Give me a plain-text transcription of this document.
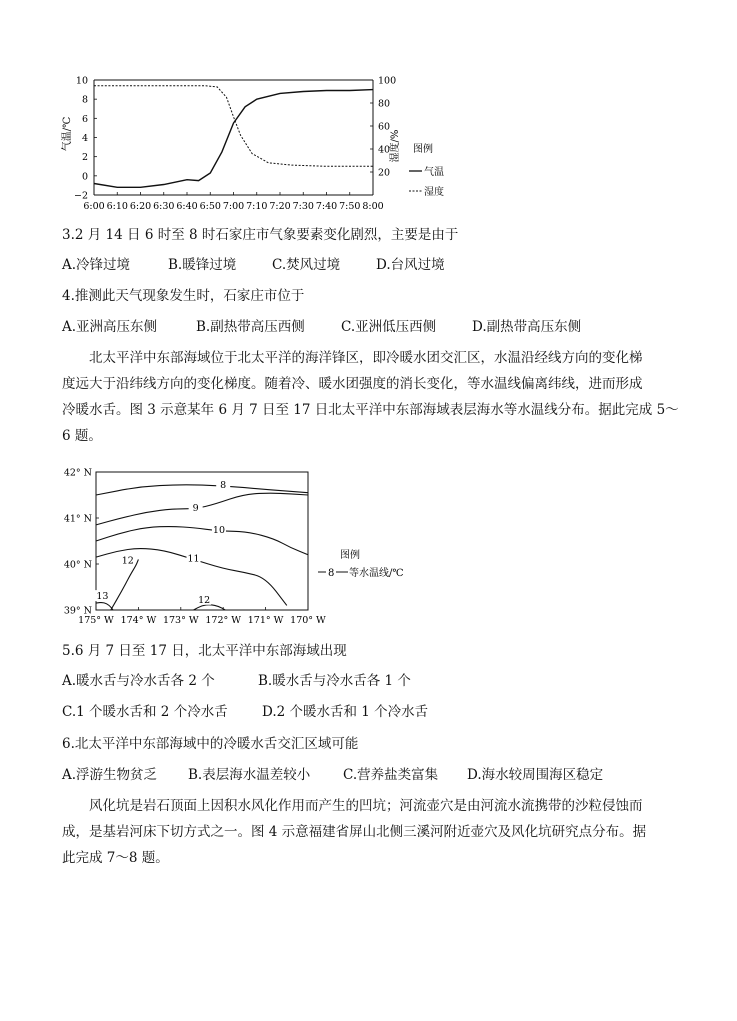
6:00 6:10 6:20 6:30 6:40 6:50 7:00 7:10 7:20 7:30 7:40 7:50 8:00
10
8
6
4
2
0
−2
100
80
60
40
20
气温/℃	湿度/% 图例
气温
湿度
3.2 月 14 日 6 时至 8 时石家庄市气象要素变化剧烈，主要是由于
A.冷锋过境	B.暖锋过境	C.焚风过境	D.台风过境
4.推测此天气现象发生时，石家庄市位于
A.亚洲高压东侧	B.副热带高压西侧	C.亚洲低压西侧	D.副热带高压东侧

　　北太平洋中东部海域位于北太平洋的海洋锋区，即冷暖水团交汇区，水温沿经线方向的变化梯

度远大于沿纬线方向的变化梯度。随着冷、暖水团强度的消长变化，等水温线偏离纬线，进而形成

冷暖水舌。图 3 示意某年 6 月 7 日至 17 日北太平洋中东部海域表层海水等水温线分布。据此完成 5～

6 题。

175° W 174° W 173° W 172° W 171° W 170° W
42° N
41° N
40° N
39° N
8
9
10
11
12
12
13
图例
8 等水温线/℃
5.6 月 7 日至 17 日，北太平洋中东部海域出现
A.暖水舌与冷水舌各 2 个	B.暖水舌与冷水舌各 1 个
C.1 个暖水舌和 2 个冷水舌	D.2 个暖水舌和 1 个冷水舌
6.北太平洋中东部海域中的冷暖水舌交汇区域可能
A.浮游生物贫乏 B.表层海水温差较小 C.营养盐类富集 D.海水较周围海区稳定

　　风化坑是岩石顶面上因积水风化作用而产生的凹坑；河流壶穴是由河流水流携带的沙粒侵蚀而

成，是基岩河床下切方式之一。图 4 示意福建省屏山北侧三溪河附近壶穴及风化坑研究点分布。据

此完成 7～8 题。
